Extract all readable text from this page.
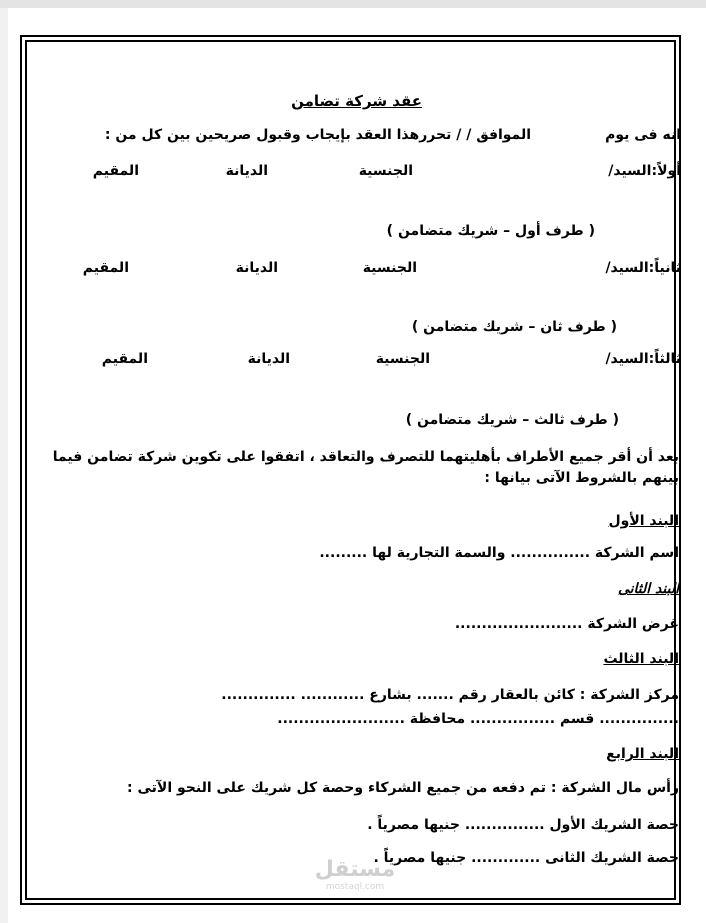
عقد شركة تضامن
انه فى يوم
الموافق / / تحررهذا العقد بإيجاب وقبول صريحين بين كل من :
أولاً:السيد/
الجنسية
الديانة
المقيم
( طرف أول – شريك متضامن )
ثانياً:السيد/
الجنسية
الديانة
المقيم
( طرف ثان – شريك متضامن )
ثالثاً:السيد/
الجنسية
الديانة
المقيم
( طرف ثالث – شريك متضامن )
بعد أن أقر جميع الأطراف بأهليتهما للتصرف والتعاقد ، اتفقوا على تكوين شركة تضامن فيما
بينهم بالشروط الآتى بيانها :
البند الأول
اسم الشركة ............... والسمة التجارية لها .........
البند الثانى
غرض الشركة ........................
البند الثالث
مركز الشركة : كائن بالعقار رقم ....... بشارع ............ ..............
............... قسم ................ محافظة ........................
البند الرابع
رأس مال الشركة : تم دفعه من جميع الشركاء وحصة كل شريك على النحو الآتى :
حصة الشريك الأول ............... جنيها مصرياً .
حصة الشريك الثانى ............. جنيها مصرياً .
مستقل
mostaql.com
